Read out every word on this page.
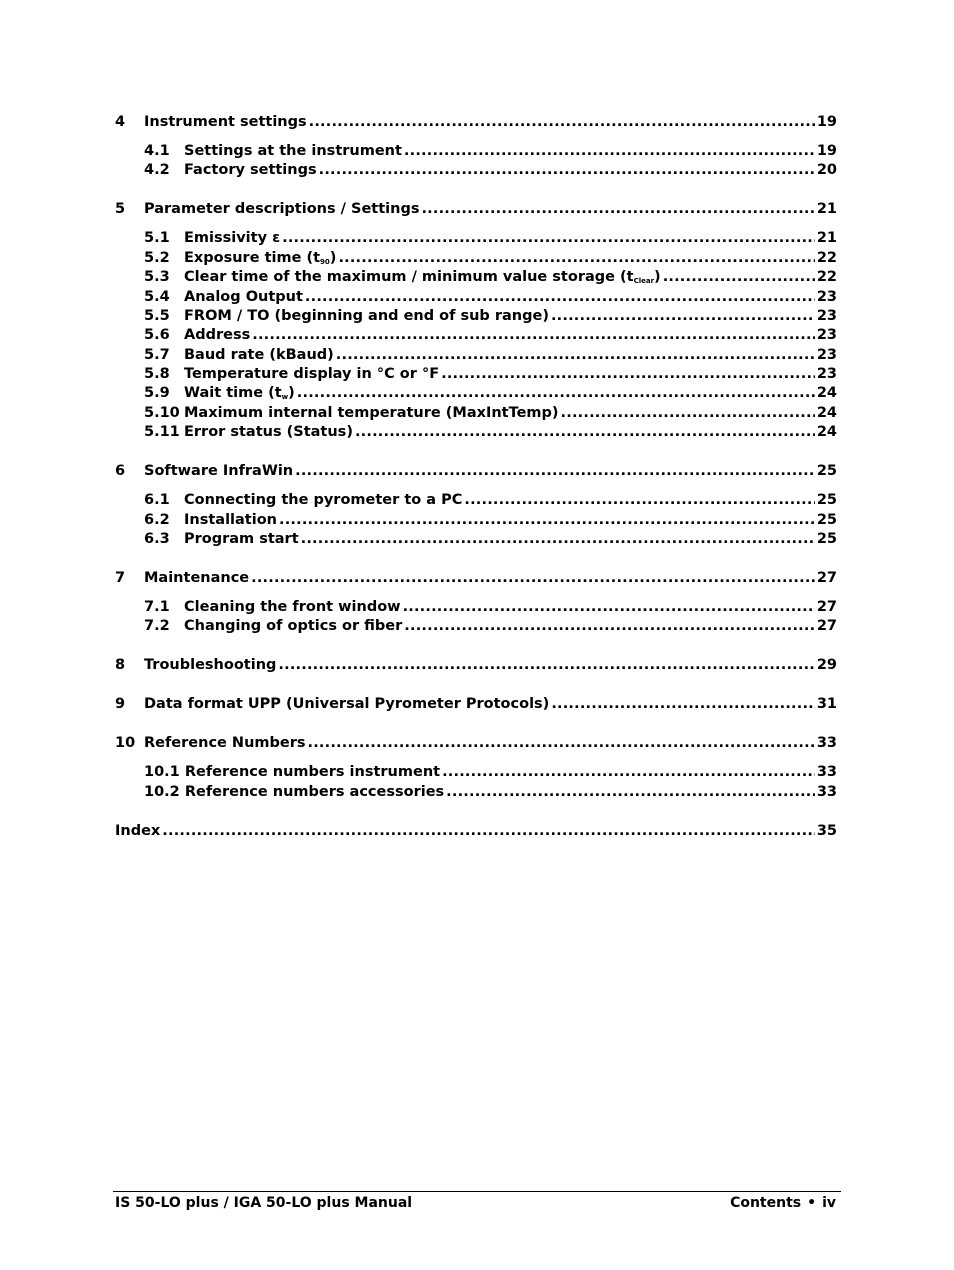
4	Instrument settings .....	19
4.1 Settings at the instrument .....	19
4.2 Factory settings .....	20
5	Parameter descriptions / Settings .....	21
5.1 Emissivity ε .....	21
5.2 Exposure time $(t_{90})$ .....	22
5.3 Clear time of the maximum / minimum value storage $(t_{Clear})$ .....	22
5.4 Analog Output .....	23
5.5 FROM / TO (beginning and end of sub range) .....	23
5.6 Address .....	23
5.7 Baud rate (kBaud) .....	23
5.8 Temperature display in °C or °F .....	23
5.9 Wait time $(t_w)$ .....	24
5.10 Maximum internal temperature (MaxIntTemp) .....	24
5.11 Error status (Status) .....	24
6	Software InfraWin .....	25
6.1 Connecting the pyrometer to a PC .....	25
6.2 Installation .....	25
6.3 Program start .....	25
7	Maintenance .....	27
7.1 Cleaning the front window .....	27
7.2 Changing of optics or fiber .....	27
8	Troubleshooting .....	29
9	Data format UPP (Universal Pyrometer Protocols) .....	31
10 Reference Numbers .....	33
10.1 Reference numbers instrument .....	33
10.2 Reference numbers accessories .....	33
Index .....	35
IS 50-LO plus / IGA 50-LO plus Manual	Contents • iv
